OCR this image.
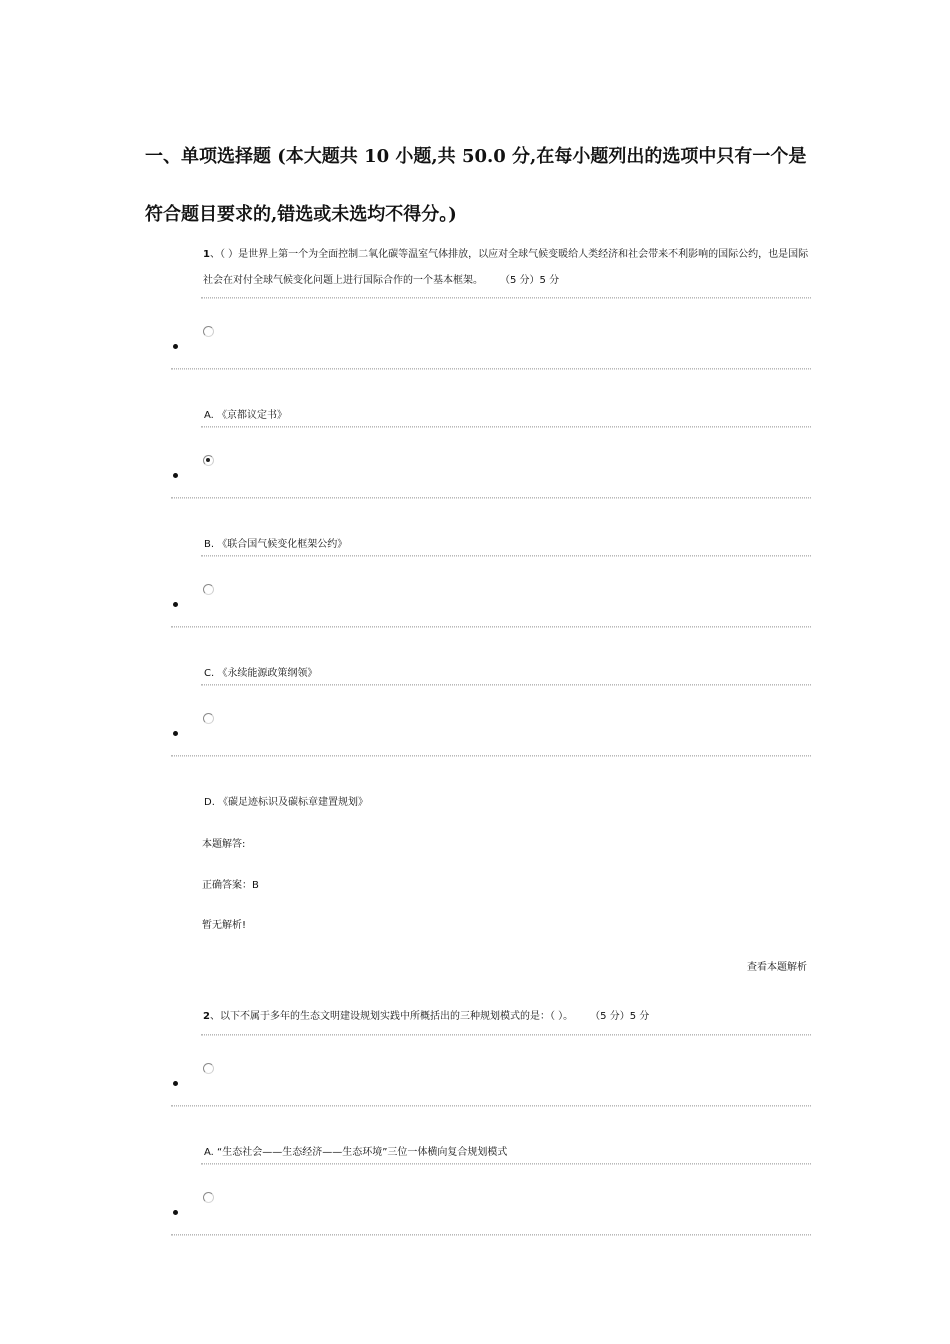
一、单项选择题 (本大题共 10 小题,共 50.0 分,在每小题列出的选项中只有一个是符合题目要求的,错选或未选均不得分。)
1、（ ）是世界上第一个为全面控制二氧化碳等温室气体排放，以应对全球气候变暖给人类经济和社会带来不利影响的国际公约，也是国际社会在对付全球气候变化问题上进行国际合作的一个基本框架。 （5 分）5 分
A. 《京都议定书》
B. 《联合国气候变化框架公约》
C. 《永续能源政策纲领》
D. 《碳足迹标识及碳标章建置规划》
本题解答:
正确答案：B
暂无解析!
查看本题解析
2、以下不属于多年的生态文明建设规划实践中所概括出的三种规划模式的是：（ ）。 （5 分）5 分
A. “生态社会——生态经济——生态环境”三位一体横向复合规划模式
